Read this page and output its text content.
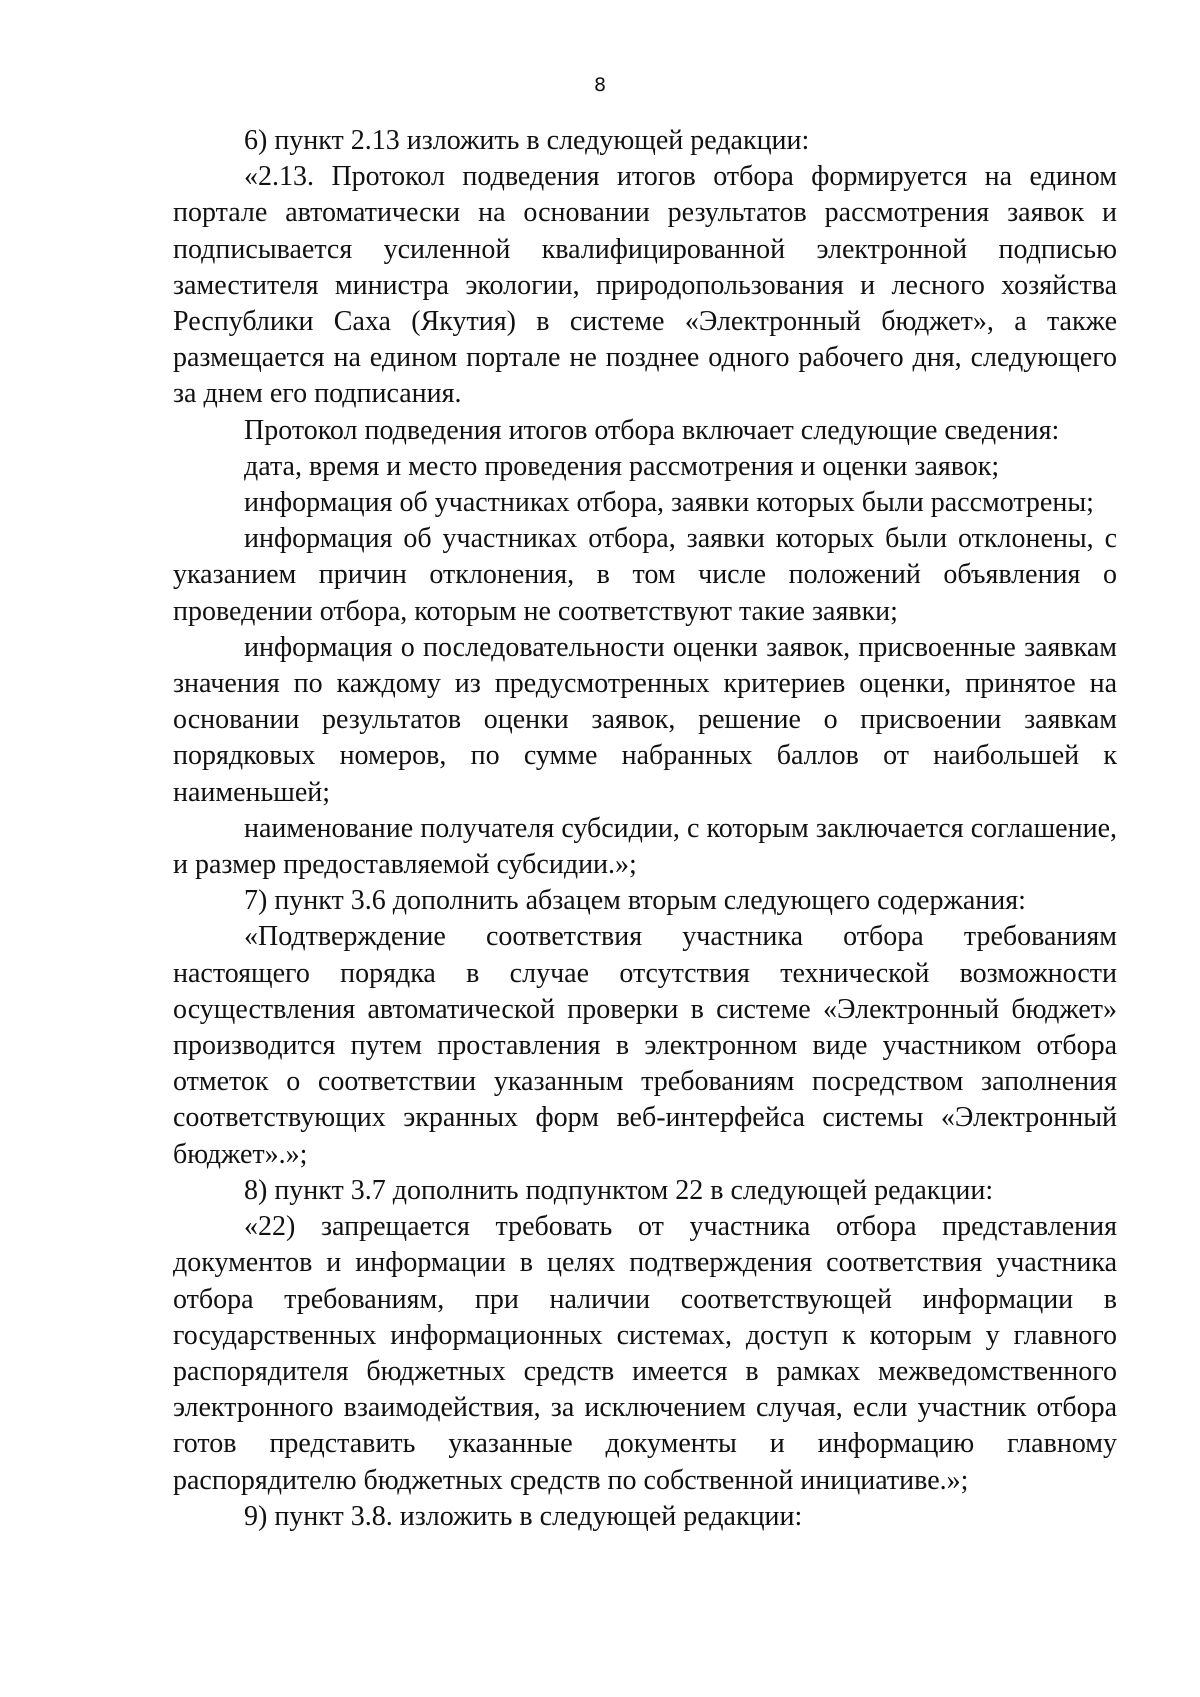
8

6) пункт 2.13 изложить в следующей редакции:

«2.13. Протокол подведения итогов отбора формируется на едином портале автоматически на основании результатов рассмотрения заявок и подписывается усиленной квалифицированной электронной подписью заместителя министра экологии, природопользования и лесного хозяйства Республики Саха (Якутия) в системе «Электронный бюджет», а также размещается на едином портале не позднее одного рабочего дня, следующего за днем его подписания.

Протокол подведения итогов отбора включает следующие сведения:

дата, время и место проведения рассмотрения и оценки заявок;

информация об участниках отбора, заявки которых были рассмотрены;

информация об участниках отбора, заявки которых были отклонены, с указанием причин отклонения, в том числе положений объявления о проведении отбора, которым не соответствуют такие заявки;

информация о последовательности оценки заявок, присвоенные заявкам значения по каждому из предусмотренных критериев оценки, принятое на основании результатов оценки заявок, решение о присвоении заявкам порядковых номеров, по сумме набранных баллов от наибольшей к наименьшей;

наименование получателя субсидии, с которым заключается соглашение, и размер предоставляемой субсидии.»;

7) пункт 3.6 дополнить абзацем вторым следующего содержания:

«Подтверждение соответствия участника отбора требованиям настоящего порядка в случае отсутствия технической возможности осуществления автоматической проверки в системе «Электронный бюджет» производится путем проставления в электронном виде участником отбора отметок о соответствии указанным требованиям посредством заполнения соответствующих экранных форм веб-интерфейса системы «Электронный бюджет».»;

8) пункт 3.7 дополнить подпунктом 22 в следующей редакции:

«22) запрещается требовать от участника отбора представления документов и информации в целях подтверждения соответствия участника отбора требованиям, при наличии соответствующей информации в государственных информационных системах, доступ к которым у главного распорядителя бюджетных средств имеется в рамках межведомственного электронного взаимодействия, за исключением случая, если участник отбора готов представить указанные документы и информацию главному распорядителю бюджетных средств по собственной инициативе.»;

9) пункт 3.8. изложить в следующей редакции:
